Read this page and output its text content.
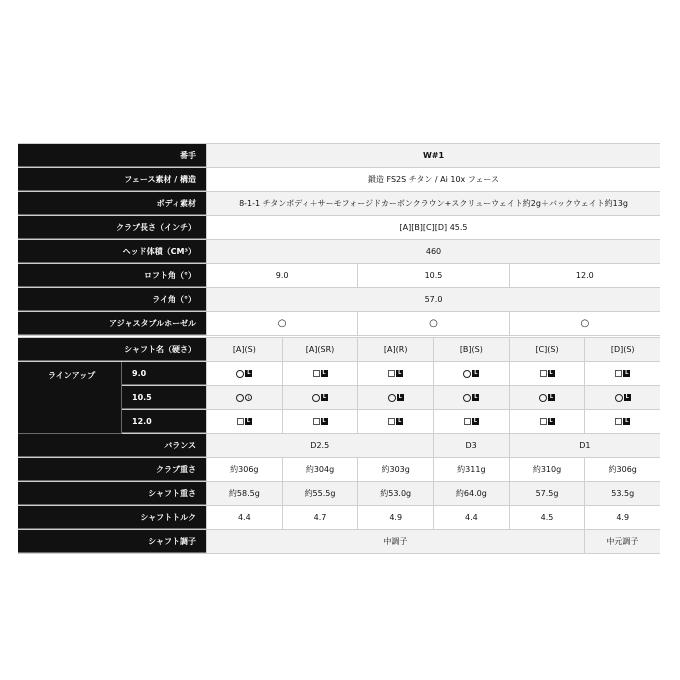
番手	W#1
フェース素材 / 構造	鍛造 FS2S チタン / Ai 10x フェース
ボディ素材	8-1-1 チタンボディ＋サーモフォージドカーボンクラウン+スクリューウェイト約2g＋バックウェイト約13g
クラブ長さ（インチ）	[A][B][C][D] 45.5
ヘッド体積（CM³）	460
ロフト角（°）	9.0	10.5	12.0
ライ角（°）	57.0
アジャスタブルホーゼル	○	○	○
シャフト名（硬さ）	[A](S)	[A](SR)	[A](R)	[B](S)	[C](S)	[D](S)
ラインアップ	9.0	L	L	L	L	L	L
10.5	L	L	L	L	L	L
12.0	L	L	L	L	L	L
バランス	D2.5	D3	D1
クラブ重さ	約306g	約304g	約303g	約311g	約310g	約306g
シャフト重さ	約58.5g	約55.5g	約53.0g	約64.0g	57.5g	53.5g
シャフトトルク	4.4	4.7	4.9	4.4	4.5	4.9
シャフト調子	中調子	中元調子
